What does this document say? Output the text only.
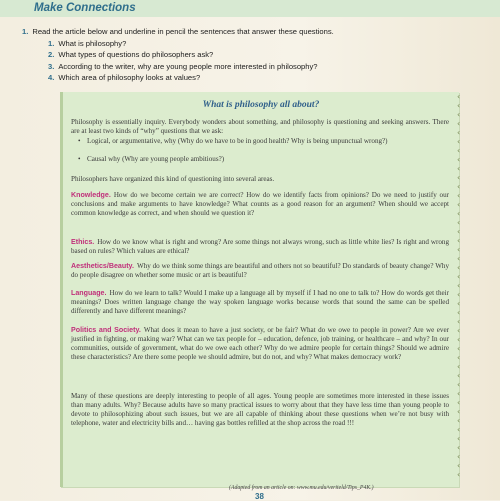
Make Connections
1. Read the article below and underline in pencil the sentences that answer these questions.
1. What is philosophy?
2. What types of questions do philosophers ask?
3. According to the writer, why are young people more interested in philosophy?
4. Which area of philosophy looks at values?
‹
‹
‹
‹
‹
‹
‹
‹
‹
‹
‹
‹
‹
‹
‹
‹
‹
‹
‹
‹
‹
‹
‹
‹
‹
‹
‹
‹
‹
‹
‹
‹
‹
‹
‹
‹
‹
‹
‹
‹
‹
‹
‹
What is philosophy all about?
Philosophy is essentially inquiry. Everybody wonders about something, and philosophy is questioning and seeking answers. There are at least two kinds of “why” questions that we ask:
• Logical, or argumentative, why (Why do we have to be in good health? Why is being unpunctual wrong?)
• Causal why (Why are young people ambitious?)
Philosophers have organized this kind of questioning into several areas.
Knowledge. How do we become certain we are correct? How do we identify facts from opinions? Do we need to justify our conclusions and make arguments to have knowledge? What counts as a good reason for an argument? When should we accept common knowledge as correct, and when should we question it?
Ethics. How do we know what is right and wrong? Are some things not always wrong, such as little white lies? Is right and wrong based on rules? Which values are ethical?
Aesthetics/Beauty. Why do we think some things are beautiful and others not so beautiful? Do standards of beauty change? Why do people disagree on whether some music or art is beautiful?
Language. How do we learn to talk? Would I make up a language all by myself if I had no one to talk to? How do words get their meanings? Does written language change the way spoken language works because words that sound the same can be spelled differently and have different meanings?
Politics and Society. What does it mean to have a just society, or be fair? What do we owe to people in power? Are we ever justified in fighting, or making war? What can we tax people for – education, defence, job training, or healthcare – and why? In our communities, outside of government, what do we owe each other? Why do we admire people for certain things? Should we admire these characteristics? Are there some people we should admire, but do not, and why? What makes democracy work?
Many of these questions are deeply interesting to people of all ages. Young people are sometimes more interested in these issues than many adults. Why? Because adults have so many practical issues to worry about that they have less time than young people to devote to philosophizing about such issues, but we are all capable of thinking about these questions when we’re not busy with telephone, water and electricity bills and… having gas bottles refilled at the shop across the road !!!
(Adapted from an article on: www.mu.edu/veriteld/Tips_P4K.)
38
